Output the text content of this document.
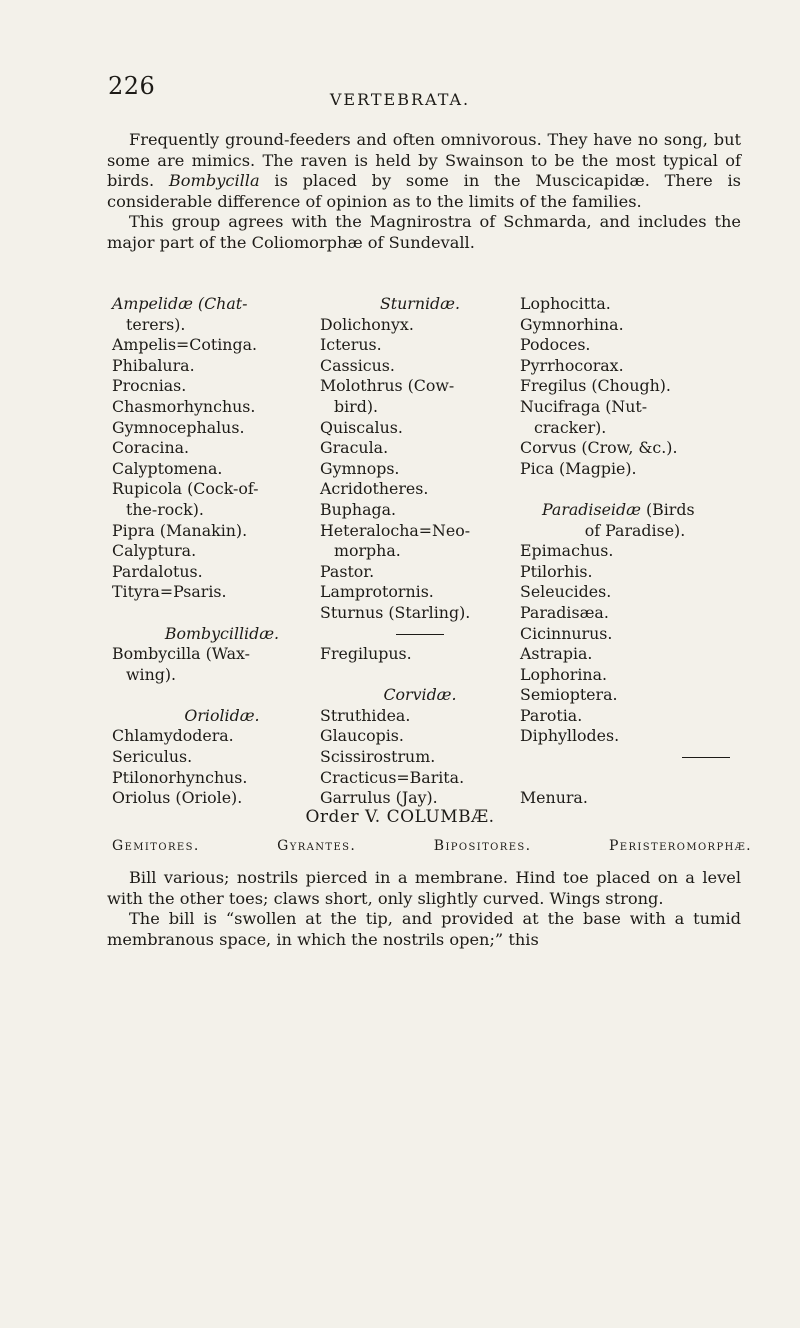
226	VERTEBRATA.

Frequently ground-feeders and often omnivorous. They have no song, but some are mimics. The raven is held by Swainson to be the most typical of birds. Bombycilla is placed by some in the Muscicapidæ. There is considerable difference of opinion as to the limits of the families.

This group agrees with the Magnirostra of Schmarda, and includes the major part of the Coliomorphæ of Sundevall.

Ampelidæ (Chat-
terers).
Ampelis=Cotinga.
Phibalura.
Procnias.
Chasmorhynchus.
Gymnocephalus.
Coracina.
Calyptomena.
Rupicola (Cock-of-
the-rock).
Pipra (Manakin).
Calyptura.
Pardalotus.
Tityra=Psaris.
Bombycillidæ.
Bombycilla (Wax-
wing).
Oriolidæ.
Chlamydodera.
Sericulus.
Ptilonorhynchus.
Oriolus (Oriole).
Sturnidæ.
Dolichonyx.
Icterus.
Cassicus.
Molothrus (Cow-
bird).
Quiscalus.
Gracula.
Gymnops.
Acridotheres.
Buphaga.
Heteralocha=Neo-
morpha.
Pastor.
Lamprotornis.
Sturnus (Starling).
Fregilupus.
Corvidæ.
Struthidea.
Glaucopis.
Scissirostrum.
Cracticus=Barita.
Garrulus (Jay).
Lophocitta.
Gymnorhina.
Podoces.
Pyrrhocorax.
Fregilus (Chough).
Nucifraga (Nut-
cracker).
Corvus (Crow, &c.).
Pica (Magpie).
Paradiseidæ (Birds
of Paradise).
Epimachus.
Ptilorhis.
Seleucides.
Paradisæa.
Cicinnurus.
Astrapia.
Lophorina.
Semioptera.
Parotia.
Diphyllodes.
Menura.
Order V. COLUMBÆ.
Gemitores.	Gyrantes.	Bipositores.	Peristeromorphæ.

Bill various; nostrils pierced in a membrane. Hind toe placed on a level with the other toes; claws short, only slightly curved. Wings strong.

The bill is “swollen at the tip, and provided at the base with a tumid membranous space, in which the nostrils open;” this
